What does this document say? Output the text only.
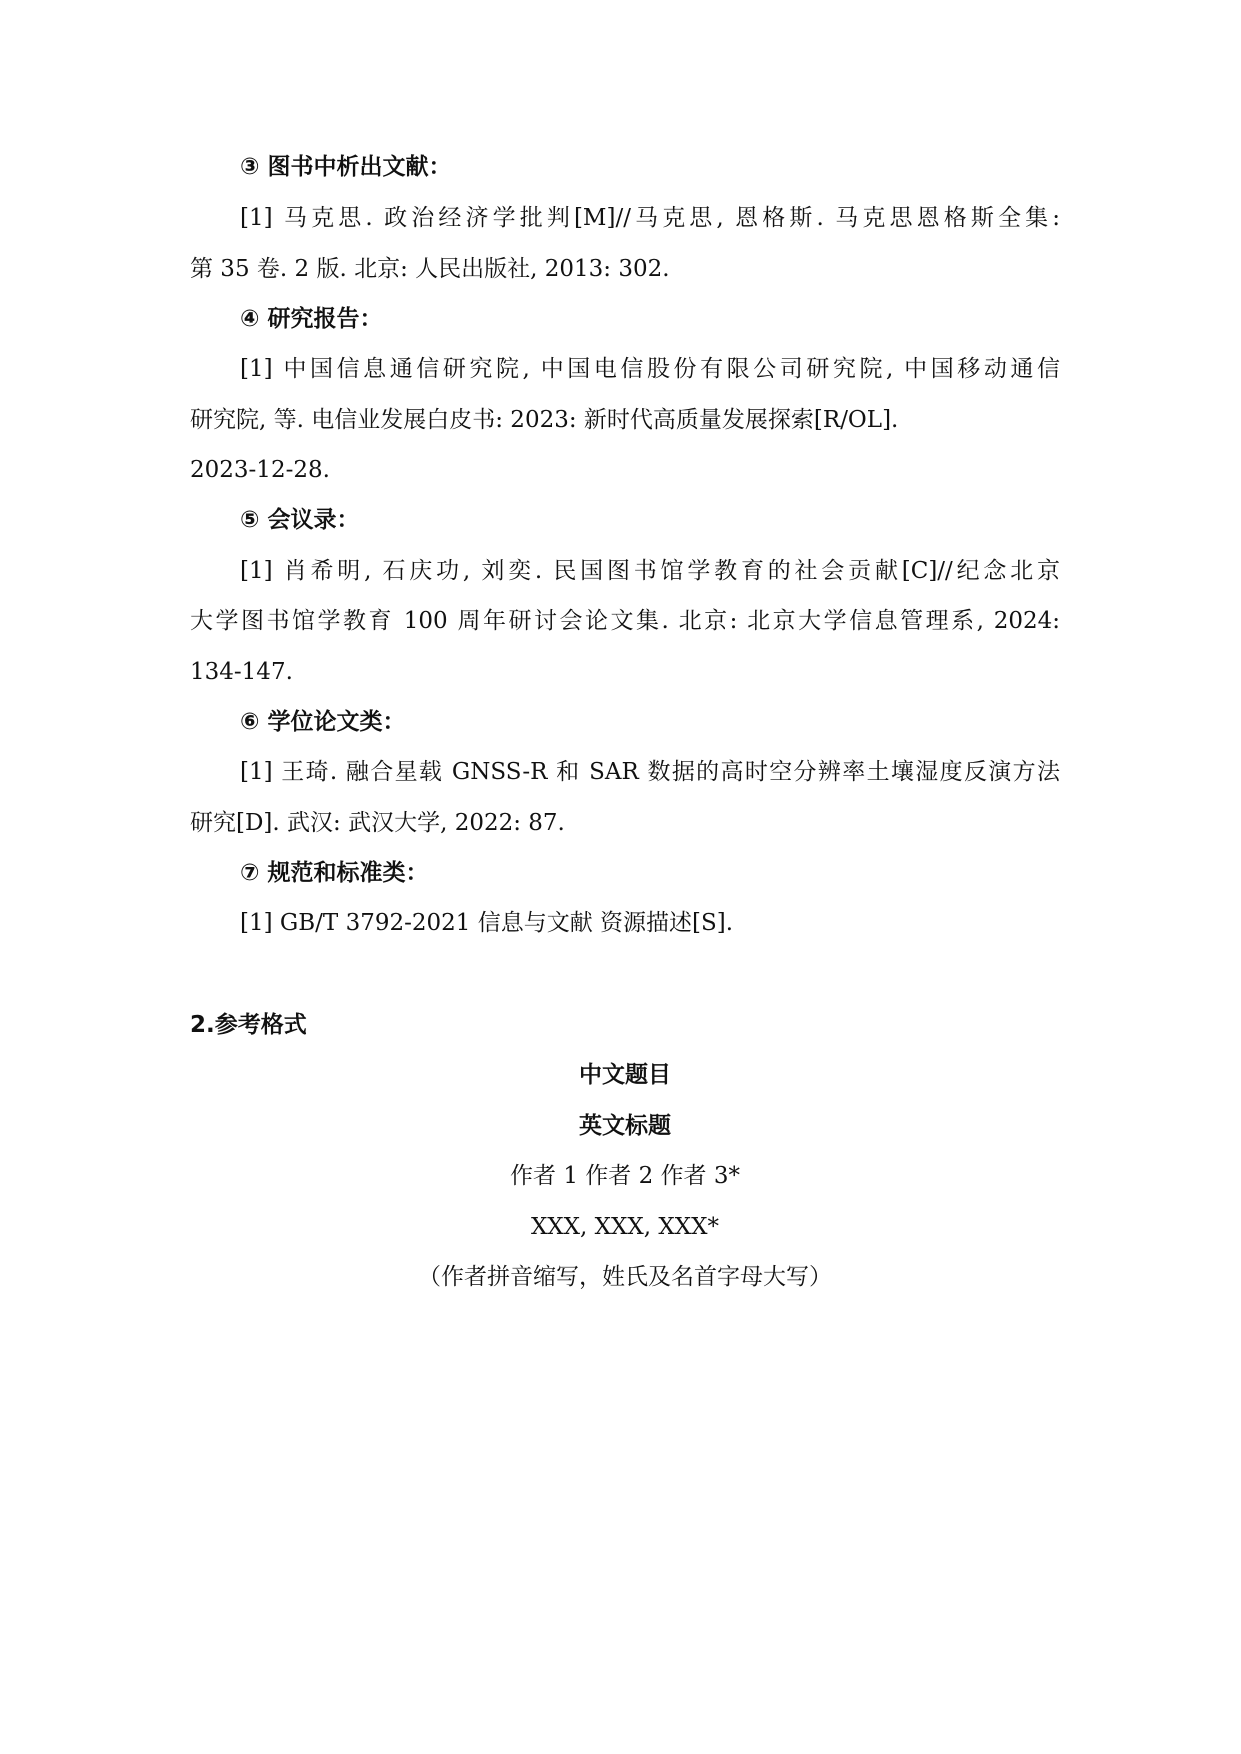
③ 图书中析出文献：
[1] 马克思. 政治经济学批判[M]//马克思, 恩格斯. 马克思恩格斯全集:
第 35 卷. 2 版. 北京: 人民出版社, 2013: 302.
④ 研究报告：
[1] 中国信息通信研究院, 中国电信股份有限公司研究院, 中国移动通信
研究院, 等. 电信业发展白皮书: 2023: 新时代高质量发展探索[R/OL].
2023-12-28.
⑤ 会议录：
[1] 肖希明, 石庆功, 刘奕. 民国图书馆学教育的社会贡献[C]//纪念北京
大学图书馆学教育 100 周年研讨会论文集. 北京: 北京大学信息管理系, 2024:
134-147.
⑥ 学位论文类：
[1] 王琦. 融合星载 GNSS-R 和 SAR 数据的高时空分辨率土壤湿度反演方法
研究[D]. 武汉: 武汉大学, 2022: 87.
⑦ 规范和标准类：
[1] GB/T 3792-2021 信息与文献 资源描述[S].
2.参考格式
中文题目
英文标题
作者 1 作者 2 作者 3*
XXX, XXX, XXX*
（作者拼音缩写，姓氏及名首字母大写）
